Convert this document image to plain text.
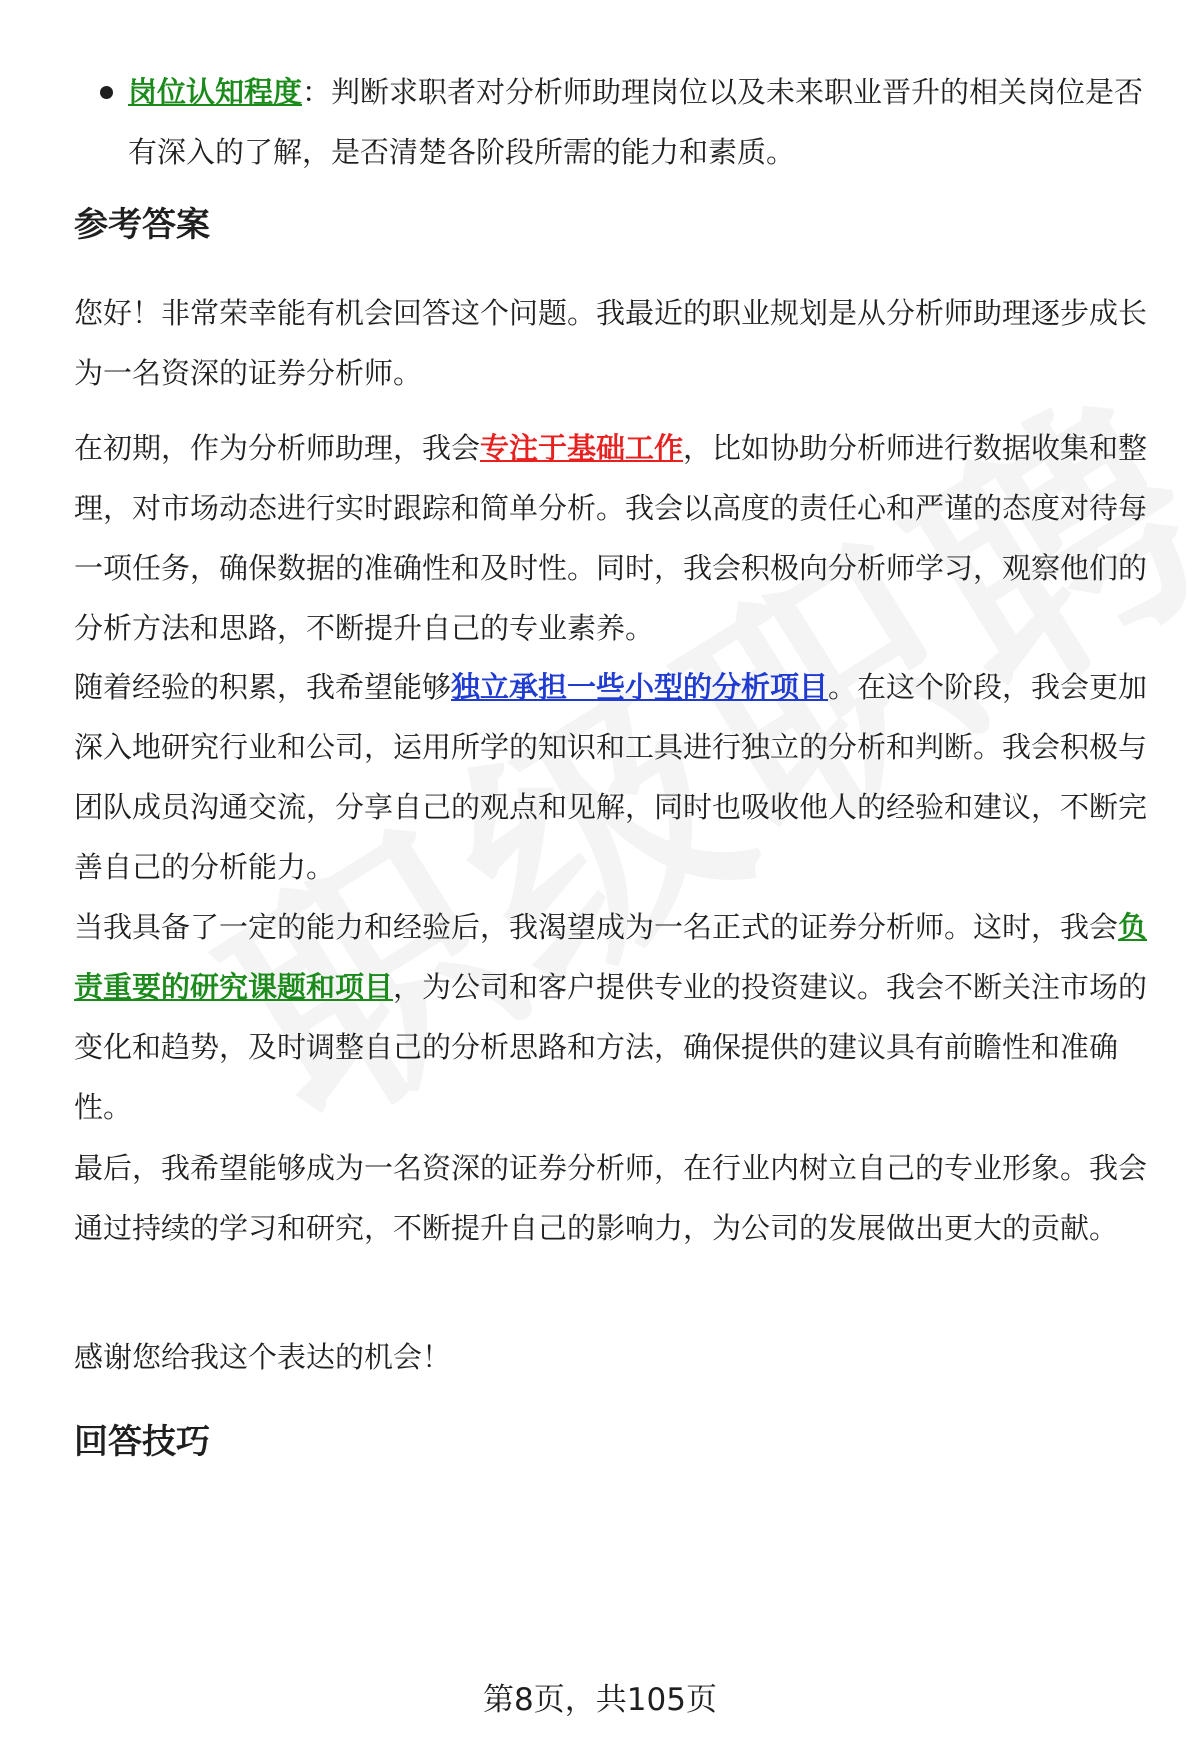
岗位认知程度：判断求职者对分析师助理岗位以及未来职业晋升的相关岗位是否有深入的了解，是否清楚各阶段所需的能力和素质。
参考答案
您好！非常荣幸能有机会回答这个问题。我最近的职业规划是从分析师助理逐步成长为一名资深的证券分析师。
在初期，作为分析师助理，我会专注于基础工作，比如协助分析师进行数据收集和整理，对市场动态进行实时跟踪和简单分析。我会以高度的责任心和严谨的态度对待每一项任务，确保数据的准确性和及时性。同时，我会积极向分析师学习，观察他们的分析方法和思路，不断提升自己的专业素养。
随着经验的积累，我希望能够独立承担一些小型的分析项目。在这个阶段，我会更加深入地研究行业和公司，运用所学的知识和工具进行独立的分析和判断。我会积极与团队成员沟通交流，分享自己的观点和见解，同时也吸收他人的经验和建议，不断完善自己的分析能力。
当我具备了一定的能力和经验后，我渴望成为一名正式的证券分析师。这时，我会负责重要的研究课题和项目，为公司和客户提供专业的投资建议。我会不断关注市场的变化和趋势，及时调整自己的分析思路和方法，确保提供的建议具有前瞻性和准确性。
最后，我希望能够成为一名资深的证券分析师，在行业内树立自己的专业形象。我会通过持续的学习和研究，不断提升自己的影响力，为公司的发展做出更大的贡献。
感谢您给我这个表达的机会！
回答技巧
第8页，共105页
